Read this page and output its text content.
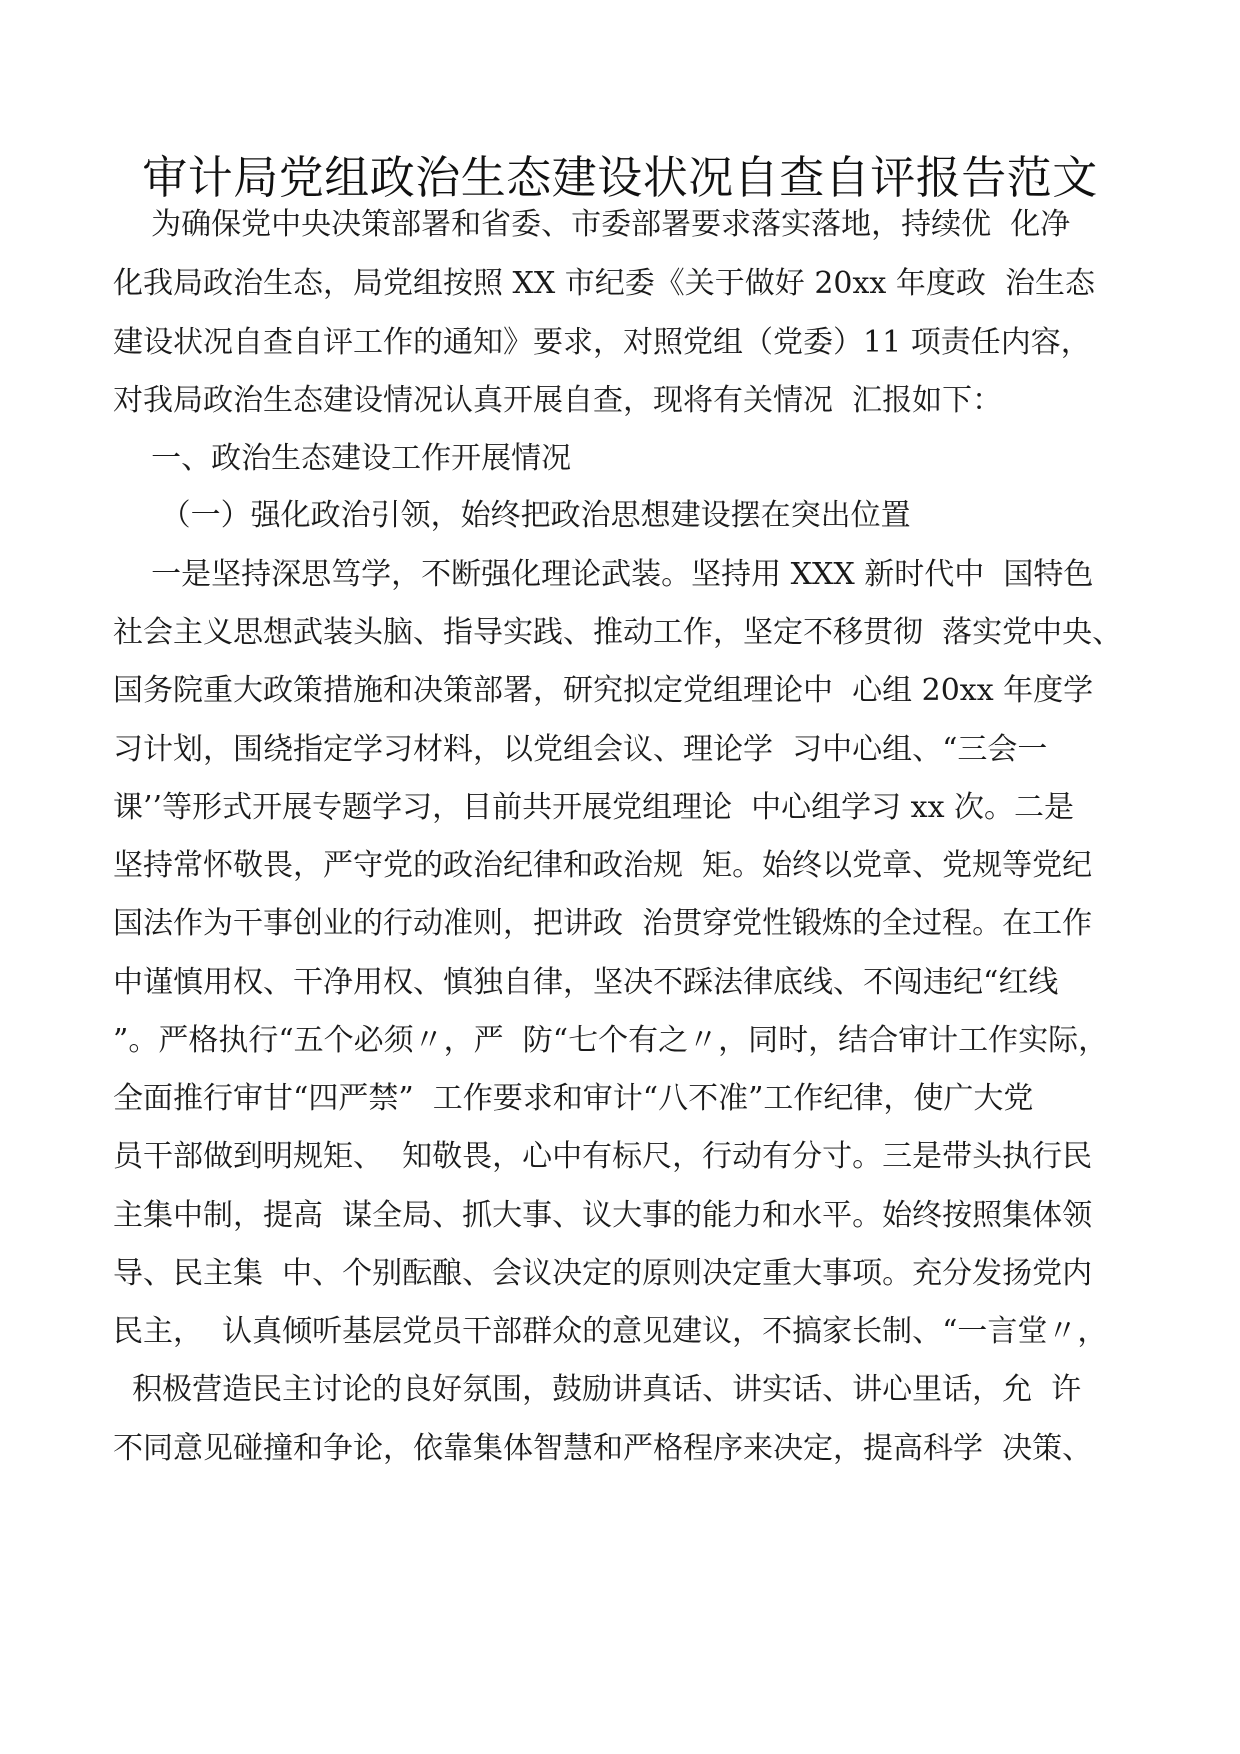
审计局党组政治生态建设状况自查自评报告范文
为确保党中央决策部署和省委、市委部署要求落实落地，持续优  化净
化我局政治生态，局党组按照 XX 市纪委《关于做好 20xx 年度政  治生态
建设状况自查自评工作的通知》要求，对照党组（党委）11 项责任内容，
对我局政治生态建设情况认真开展自查，现将有关情况  汇报如下：
一、政治生态建设工作开展情况
（一）强化政治引领，始终把政治思想建设摆在突出位置
一是坚持深思笃学，不断强化理论武装。坚持用 XXX 新时代中  国特色
社会主义思想武装头脑、指导实践、推动工作，坚定不移贯彻  落实党中央、
国务院重大政策措施和决策部署，研究拟定党组理论中  心组 20xx 年度学
习计划，围绕指定学习材料，以党组会议、理论学  习中心组、“三会一
课’’等形式开展专题学习，目前共开展党组理论  中心组学习 xx 次。二是
坚持常怀敬畏，严守党的政治纪律和政治规  矩。始终以党章、党规等党纪
国法作为干事创业的行动准则，把讲政  治贯穿党性锻炼的全过程。在工作
中谨慎用权、干净用权、慎独自律，坚决不踩法律底线、不闯违纪“红线
”。严格执行“五个必须〃，严  防“七个有之〃，同时，结合审计工作实际，
全面推行审甘“四严禁”  工作要求和审计“八不准”工作纪律，使广大党
员干部做到明规矩、  知敬畏，心中有标尺，行动有分寸。三是带头执行民
主集中制，提高  谋全局、抓大事、议大事的能力和水平。始终按照集体领
导、民主集  中、个别酝酿、会议决定的原则决定重大事项。充分发扬党内
民主，  认真倾听基层党员干部群众的意见建议，不搞家长制、“一言堂〃，
积极营造民主讨论的良好氛围，鼓励讲真话、讲实话、讲心里话，允  许
不同意见碰撞和争论，依靠集体智慧和严格程序来决定，提高科学  决策、
